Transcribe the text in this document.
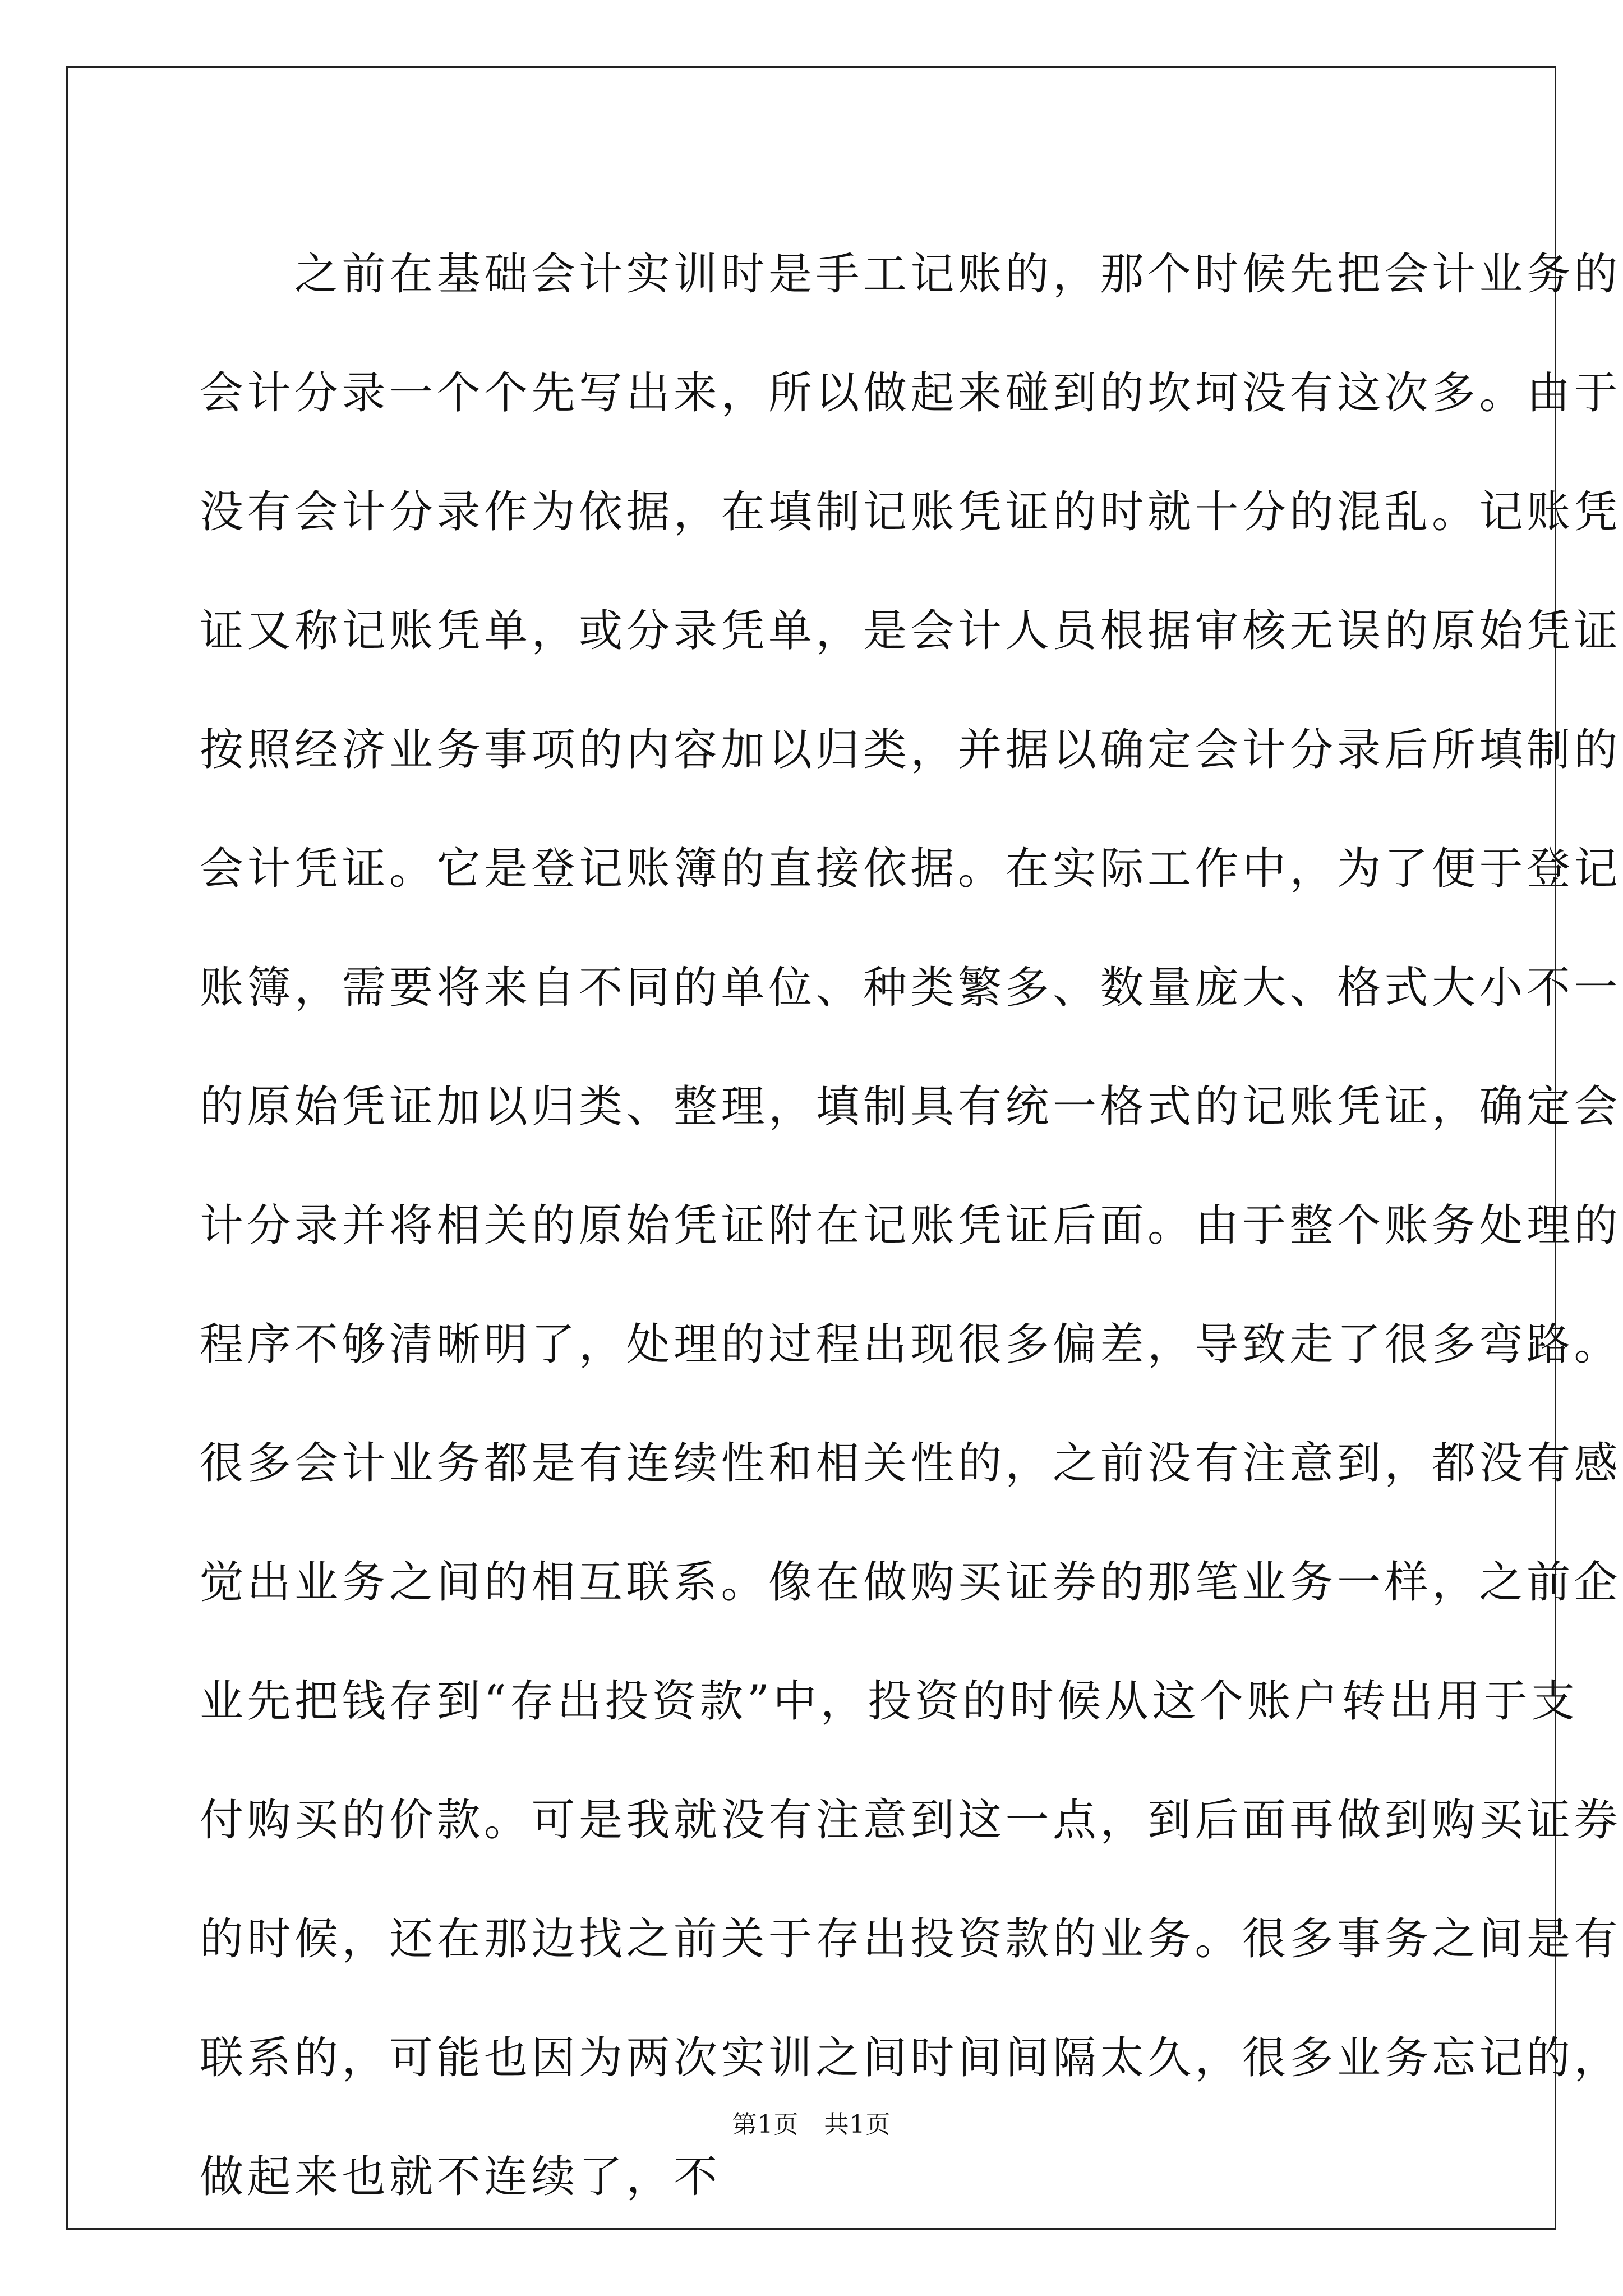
　　之前在基础会计实训时是手工记账的，那个时候先把会计业务的
会计分录一个个先写出来，所以做起来碰到的坎坷没有这次多。由于
没有会计分录作为依据，在填制记账凭证的时就十分的混乱。记账凭
证又称记账凭单，或分录凭单，是会计人员根据审核无误的原始凭证
按照经济业务事项的内容加以归类，并据以确定会计分录后所填制的
会计凭证。它是登记账簿的直接依据。在实际工作中，为了便于登记
账簿，需要将来自不同的单位、种类繁多、数量庞大、格式大小不一
的原始凭证加以归类、整理，填制具有统一格式的记账凭证，确定会
计分录并将相关的原始凭证附在记账凭证后面。由于整个账务处理的
程序不够清晰明了，处理的过程出现很多偏差，导致走了很多弯路。
很多会计业务都是有连续性和相关性的，之前没有注意到，都没有感
觉出业务之间的相互联系。像在做购买证券的那笔业务一样，之前企
业先把钱存到“存出投资款”中，投资的时候从这个账户转出用于支
付购买的价款。可是我就没有注意到这一点，到后面再做到购买证券
的时候，还在那边找之前关于存出投资款的业务。很多事务之间是有
联系的，可能也因为两次实训之间时间间隔太久，很多业务忘记的，
做起来也就不连续了，不
第1页　共1页
